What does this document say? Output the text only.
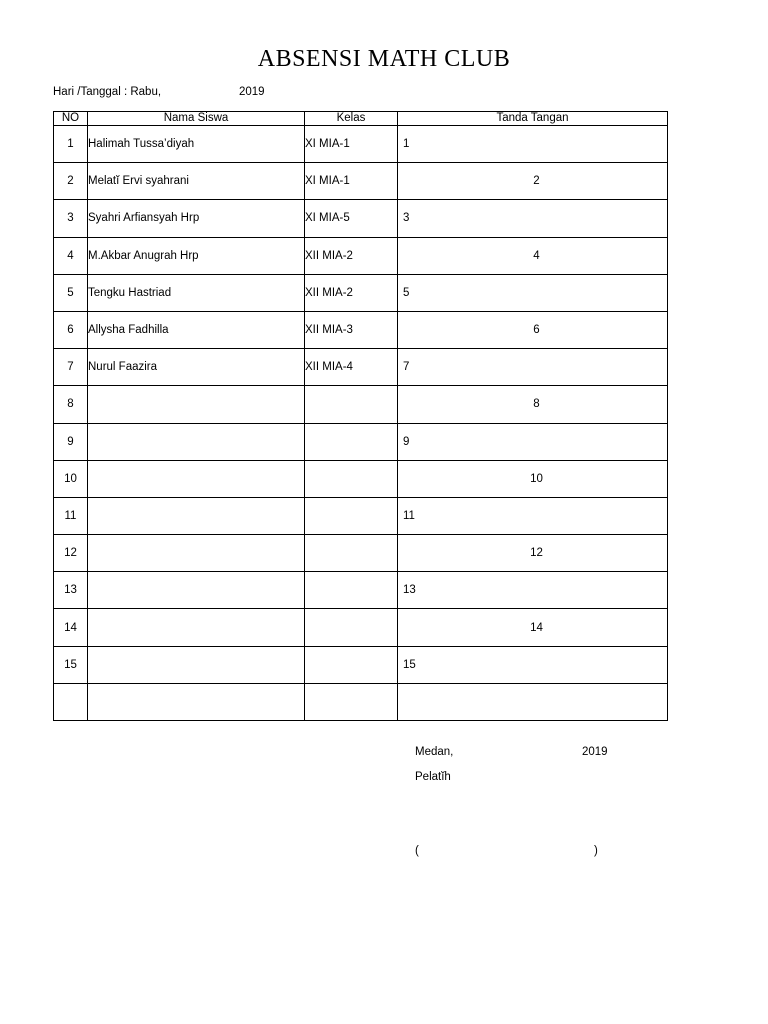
ABSENSI MATH CLUB
Hari /Tanggal : Rabu,	2019
NO	Nama Siswa	Kelas	Tanda Tangan
1	Halimah Tussa’diyah	XI MIA-1	1
2	Melatĭ Ervi syahrani	XI MIA-1	2

3	Syahri Arfiansyah Hrp	XI MIA-5	3
4	M.Akbar Anugrah Hrp	XII MIA-2	4

5	Tengku Hastriad	XII MIA-2	5
6	Allysha Fadhilla	XII MIA-3	6

7	Nurul Faazira	XII MIA-4	7
8			8

9			9
10			10

11			11
12			12

13			13
14			14

15			15

Medan,	2019
Pelatĭh
(	)
